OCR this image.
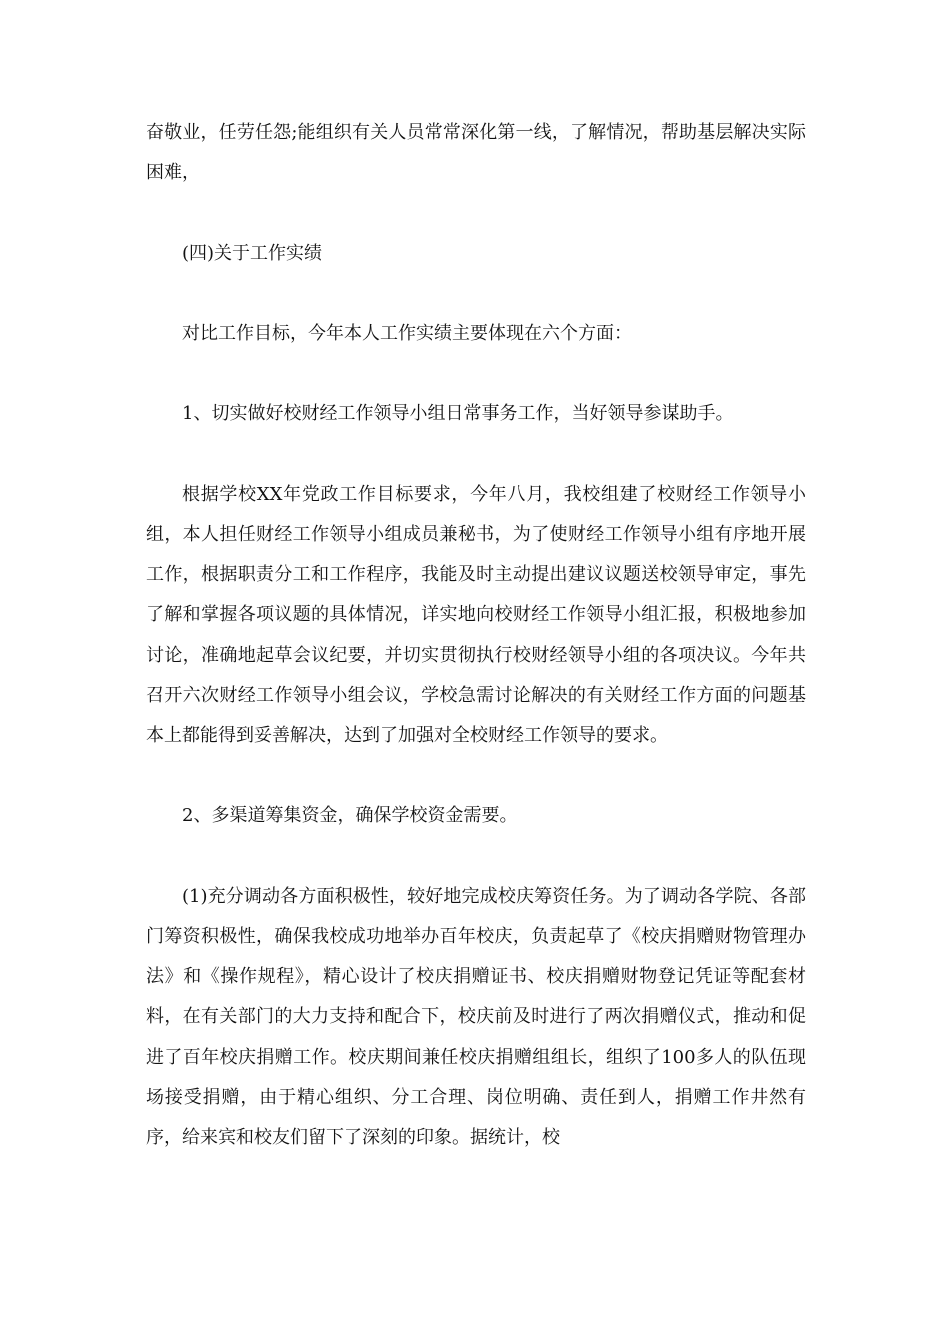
奋敬业，任劳任怨;能组织有关人员常常深化第一线，了解情况，帮助基层解决实际困难，

(四)关于工作实绩

对比工作目标，今年本人工作实绩主要体现在六个方面：

1、切实做好校财经工作领导小组日常事务工作，当好领导参谋助手。

根据学校XX年党政工作目标要求，今年八月，我校组建了校财经工作领导小组，本人担任财经工作领导小组成员兼秘书，为了使财经工作领导小组有序地开展工作，根据职责分工和工作程序，我能及时主动提出建议议题送校领导审定，事先了解和掌握各项议题的具体情况，详实地向校财经工作领导小组汇报，积极地参加讨论，准确地起草会议纪要，并切实贯彻执行校财经领导小组的各项决议。今年共召开六次财经工作领导小组会议，学校急需讨论解决的有关财经工作方面的问题基本上都能得到妥善解决，达到了加强对全校财经工作领导的要求。

2、多渠道筹集资金，确保学校资金需要。

(1)充分调动各方面积极性，较好地完成校庆筹资任务。为了调动各学院、各部门筹资积极性，确保我校成功地举办百年校庆，负责起草了《校庆捐赠财物管理办法》和《操作规程》，精心设计了校庆捐赠证书、校庆捐赠财物登记凭证等配套材料，在有关部门的大力支持和配合下，校庆前及时进行了两次捐赠仪式，推动和促进了百年校庆捐赠工作。校庆期间兼任校庆捐赠组组长，组织了100多人的队伍现场接受捐赠，由于精心组织、分工合理、岗位明确、责任到人，捐赠工作井然有序，给来宾和校友们留下了深刻的印象。据统计，校
